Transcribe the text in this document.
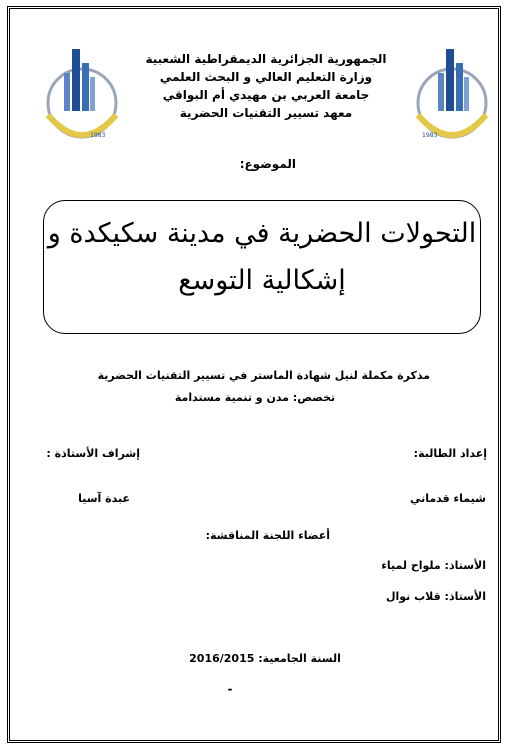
1983	1983
الجمهورية الجزائرية الديمقراطية الشعبية
وزارة التعليم العالي و البحث العلمي
جامعة العربي بن مهيدي أم البواقي
معهد تسيير التقنيات الحضرية
الموضوع:
التحولات الحضرية في مدينة سكيكدة و
إشكالية التوسع
مذكرة مكملة لنيل شهادة الماستر في تسيير التقنيات الحضرية
تخصص: مدن و تنمية مستدامة
إعداد الطالبة:
إشراف الأستاذة :
شيماء قدماني
عبدة آسيا
أعضاء اللجنة المناقشة:
الأستاذ: ملواح لمياء
الأستاذ: قلاب نوال
السنة الجامعية: 2016/2015
-
